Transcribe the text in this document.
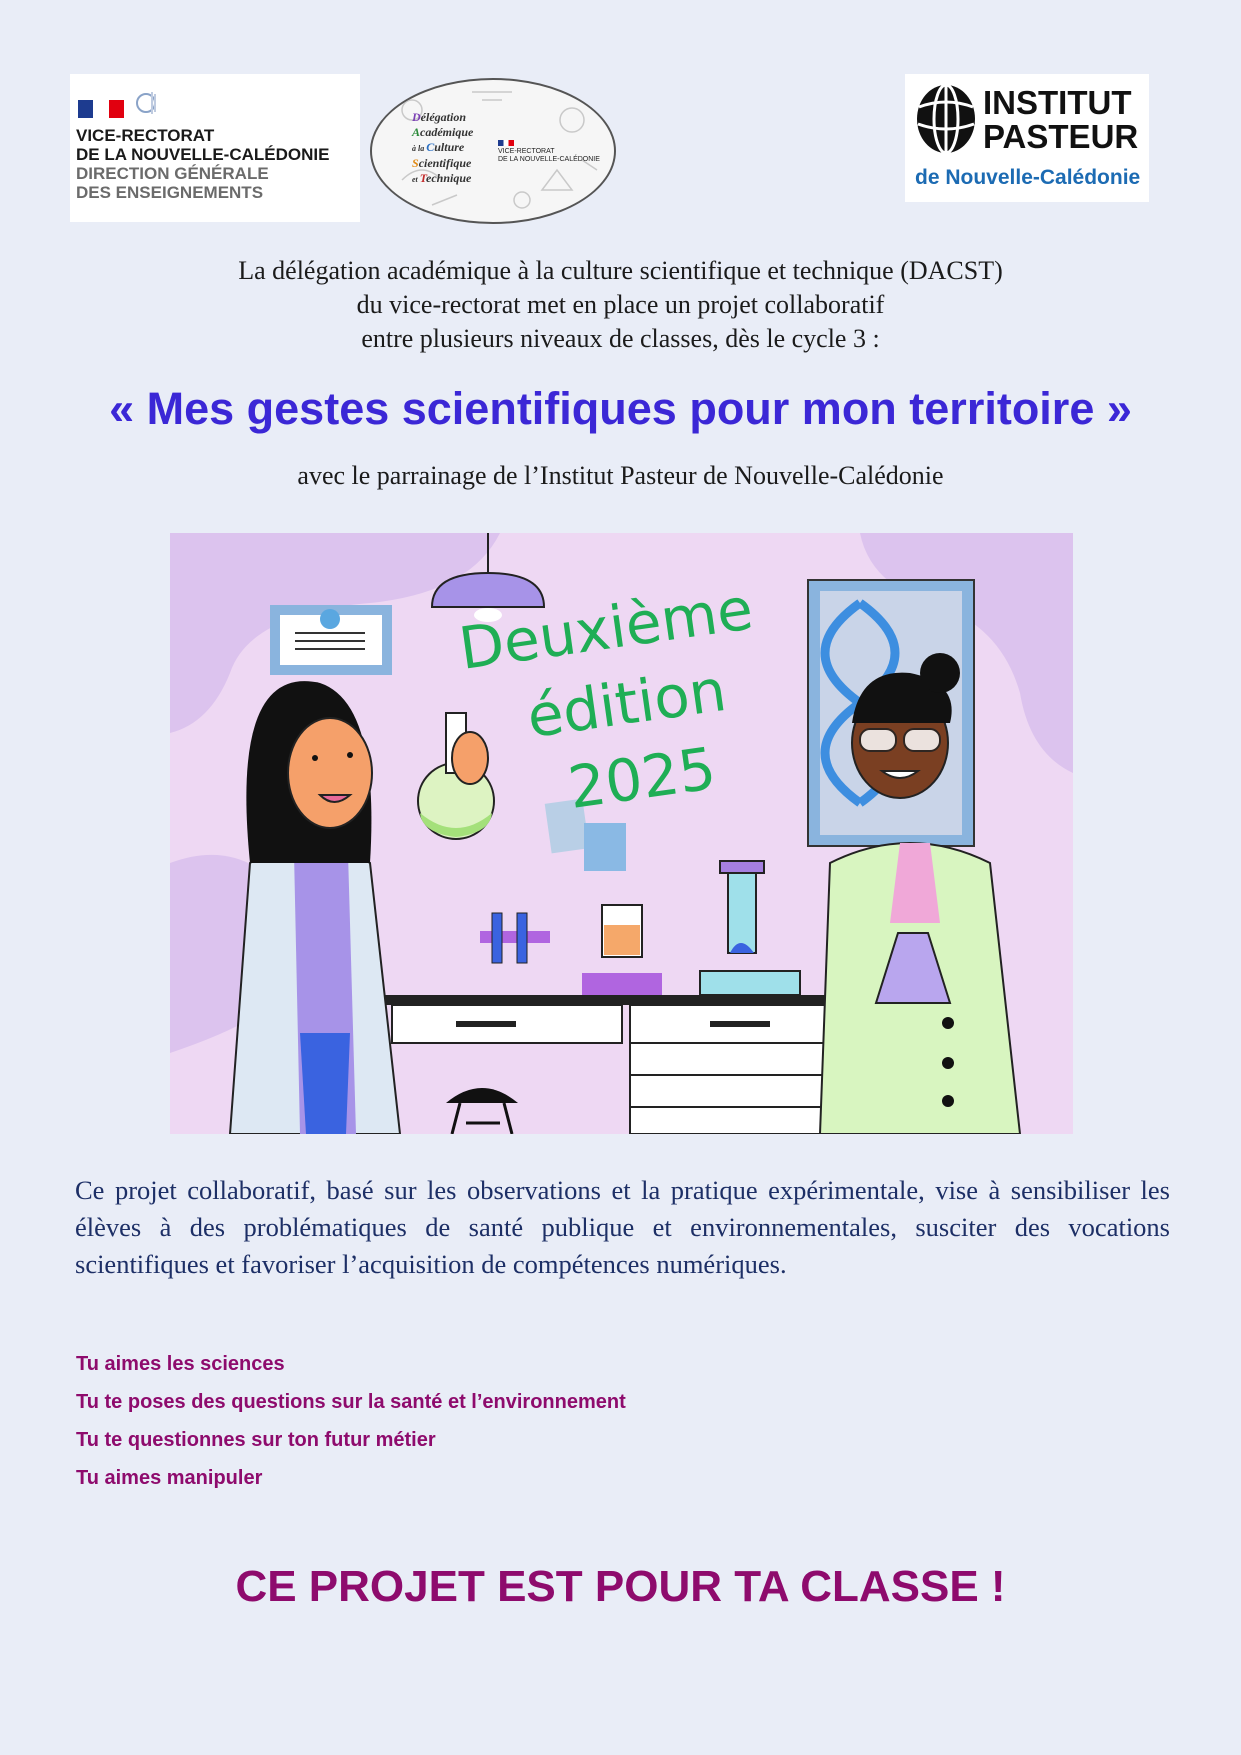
VICE-RECTORAT
DE LA NOUVELLE-CALÉDONIE
DIRECTION GÉNÉRALE
DES ENSEIGNEMENTS
Délégation
Académique
à la Culture
Scientifique
et Technique
VICE-RECTORAT
DE LA NOUVELLE-CALÉDONIE
INSTITUT
PASTEUR
de Nouvelle-Calédonie
La délégation académique à la culture scientifique et technique (DACST)
du vice-rectorat met en place un projet collaboratif
entre plusieurs niveaux de classes, dès le cycle 3 :
« Mes gestes scientifiques pour mon territoire »
avec le parrainage de l’Institut Pasteur de Nouvelle-Calédonie
Deuxième
édition
2025
Ce projet collaboratif, basé sur les observations et la pratique expérimentale, vise à sensibiliser les élèves à des problématiques de santé publique et environnementales, susciter des vocations scientifiques et favoriser l’acquisition de compétences numériques.
Tu aimes les sciences
Tu te poses des questions sur la santé et l’environnement
Tu te questionnes sur ton futur métier
Tu aimes manipuler
CE PROJET EST POUR TA CLASSE !
